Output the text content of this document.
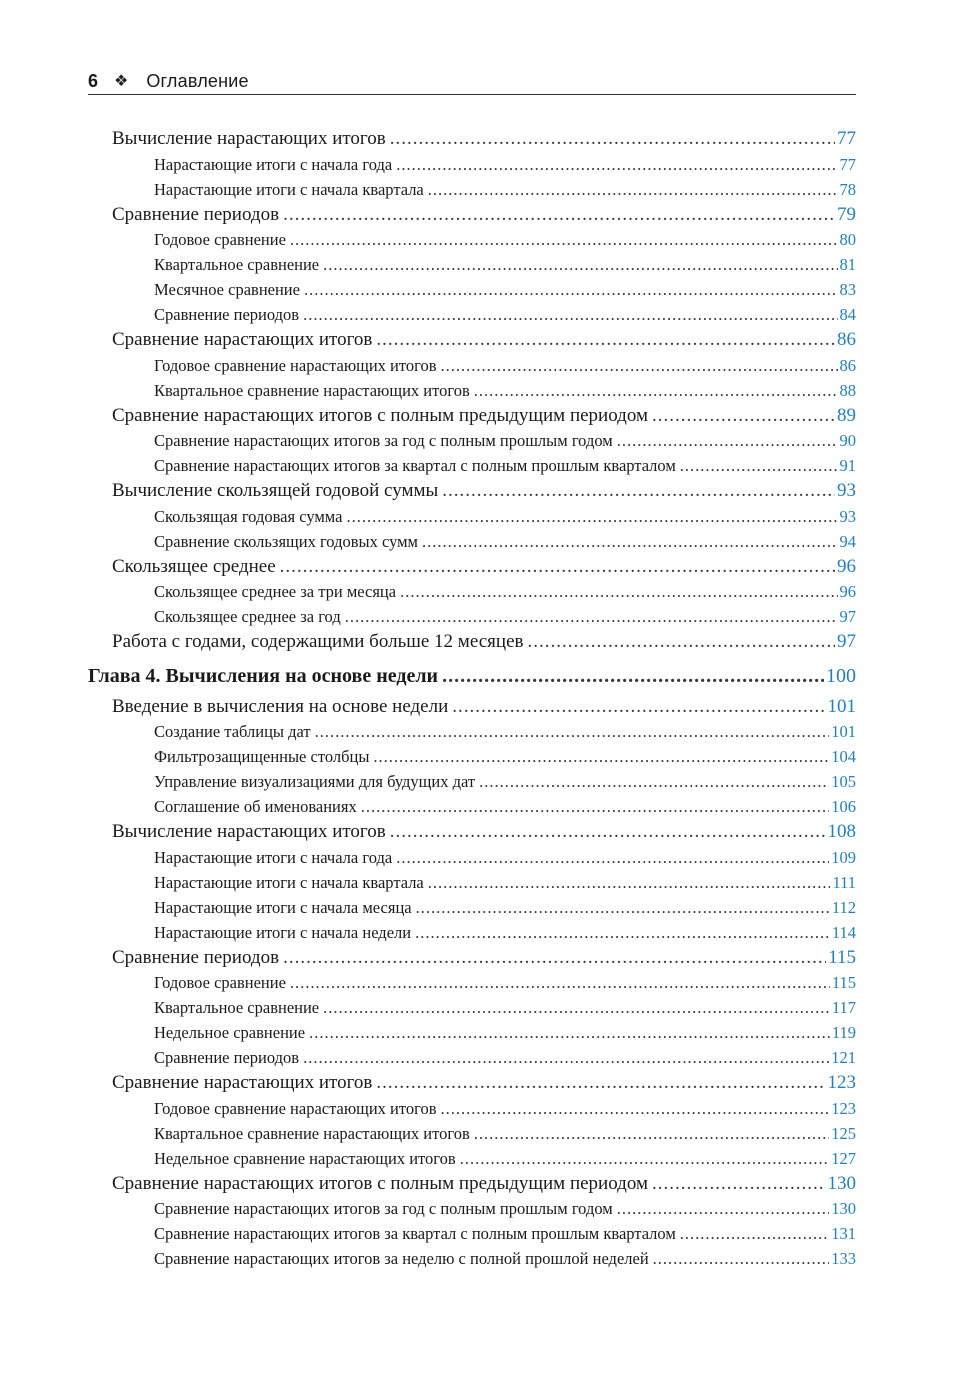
6 ❖ Оглавление
Вычисление нарастающих итогов .....	77
Нарастающие итоги с начала года .....	77
Нарастающие итоги с начала квартала .....	78
Сравнение периодов .....	79
Годовое сравнение .....	80
Квартальное сравнение .....	81
Месячное сравнение .....	83
Сравнение периодов .....	84
Сравнение нарастающих итогов .....	86
Годовое сравнение нарастающих итогов .....	86
Квартальное сравнение нарастающих итогов .....	88
Сравнение нарастающих итогов с полным предыдущим периодом .....	89
Сравнение нарастающих итогов за год с полным прошлым годом .....	90
Сравнение нарастающих итогов за квартал с полным прошлым кварталом .....	91
Вычисление скользящей годовой суммы .....	93
Скользящая годовая сумма .....	93
Сравнение скользящих годовых сумм .....	94
Скользящее среднее .....	96
Скользящее среднее за три месяца .....	96
Скользящее среднее за год .....	97
Работа с годами, содержащими больше 12 месяцев .....	97
Глава 4. Вычисления на основе недели .....	100
Введение в вычисления на основе недели .....	101
Создание таблицы дат .....	101
Фильтрозащищенные столбцы .....	104
Управление визуализациями для будущих дат .....	105
Соглашение об именованиях .....	106
Вычисление нарастающих итогов .....	108
Нарастающие итоги с начала года .....	109
Нарастающие итоги с начала квартала .....	111
Нарастающие итоги с начала месяца .....	112
Нарастающие итоги с начала недели .....	114
Сравнение периодов .....	115
Годовое сравнение .....	115
Квартальное сравнение .....	117
Недельное сравнение .....	119
Сравнение периодов .....	121
Сравнение нарастающих итогов .....	123
Годовое сравнение нарастающих итогов .....	123
Квартальное сравнение нарастающих итогов .....	125
Недельное сравнение нарастающих итогов .....	127
Сравнение нарастающих итогов с полным предыдущим периодом .....	130
Сравнение нарастающих итогов за год с полным прошлым годом .....	130
Сравнение нарастающих итогов за квартал с полным прошлым кварталом .....	131
Сравнение нарастающих итогов за неделю с полной прошлой неделей .....	133
